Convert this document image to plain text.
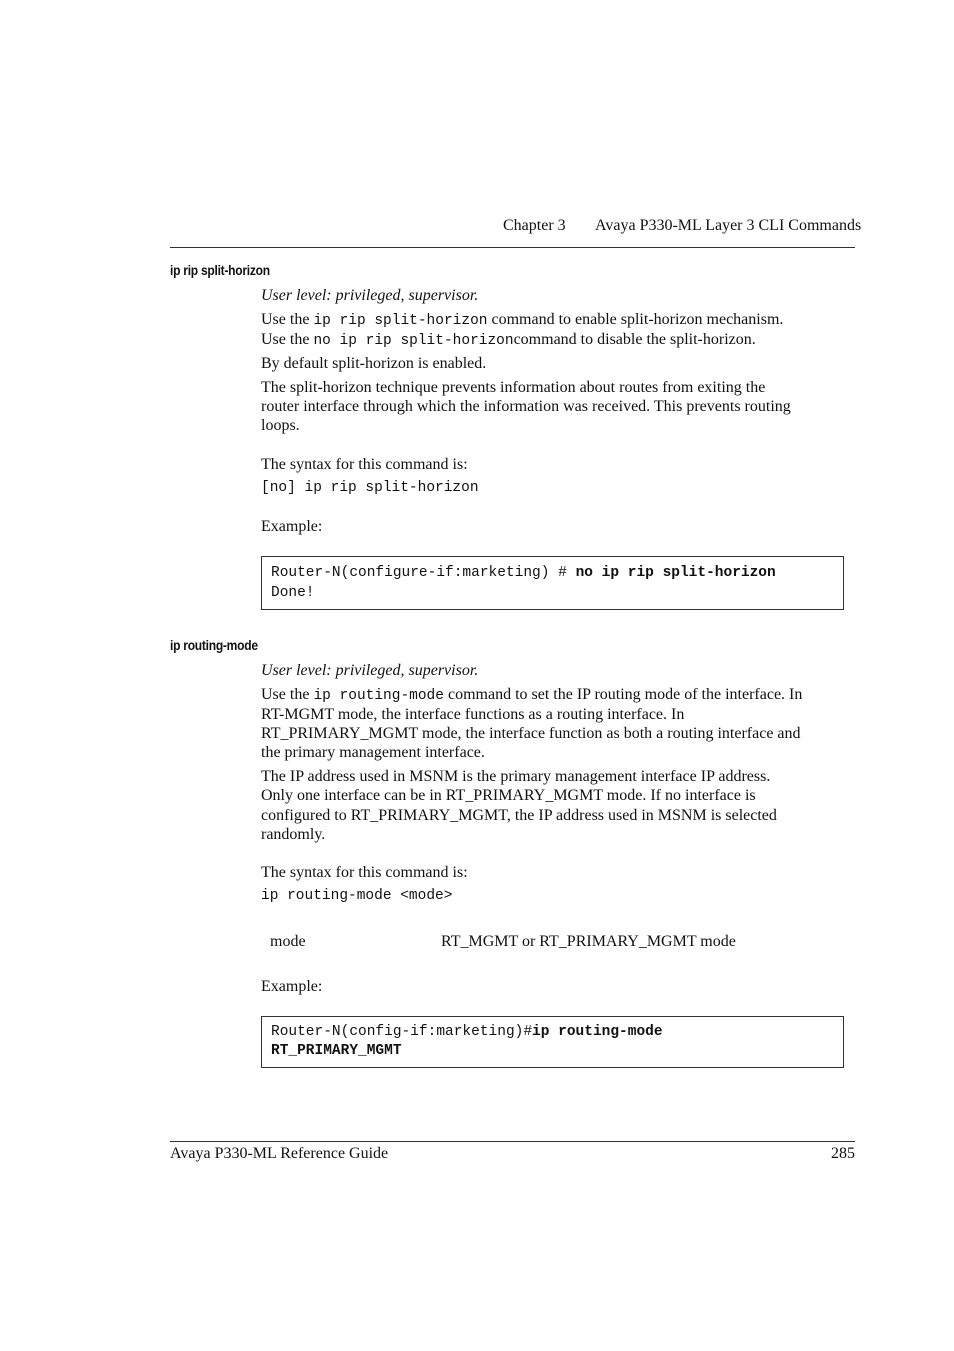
Chapter 3 Avaya P330-ML Layer 3 CLI Commands
ip rip split-horizon
User level: privileged, supervisor.
Use the ip rip split-horizon command to enable split-horizon mechanism.
Use the no ip rip split-horizoncommand to disable the split-horizon.
By default split-horizon is enabled.
The split-horizon technique prevents information about routes from exiting the
router interface through which the information was received. This prevents routing
loops.
The syntax for this command is:
[no] ip rip split-horizon
Example:
Router-N(configure-if:marketing) # no ip rip split-horizon
Done!
ip routing-mode
User level: privileged, supervisor.
Use the ip routing-mode command to set the IP routing mode of the interface. In
RT-MGMT mode, the interface functions as a routing interface. In
RT_PRIMARY_MGMT mode, the interface function as both a routing interface and
the primary management interface.
The IP address used in MSNM is the primary management interface IP address.
Only one interface can be in RT_PRIMARY_MGMT mode. If no interface is
configured to RT_PRIMARY_MGMT, the IP address used in MSNM is selected
randomly.
The syntax for this command is:
ip routing-mode <mode>
mode	RT_MGMT or RT_PRIMARY_MGMT mode
Example:
Router-N(config-if:marketing)#ip routing-mode
RT_PRIMARY_MGMT
Avaya P330-ML Reference Guide	285
